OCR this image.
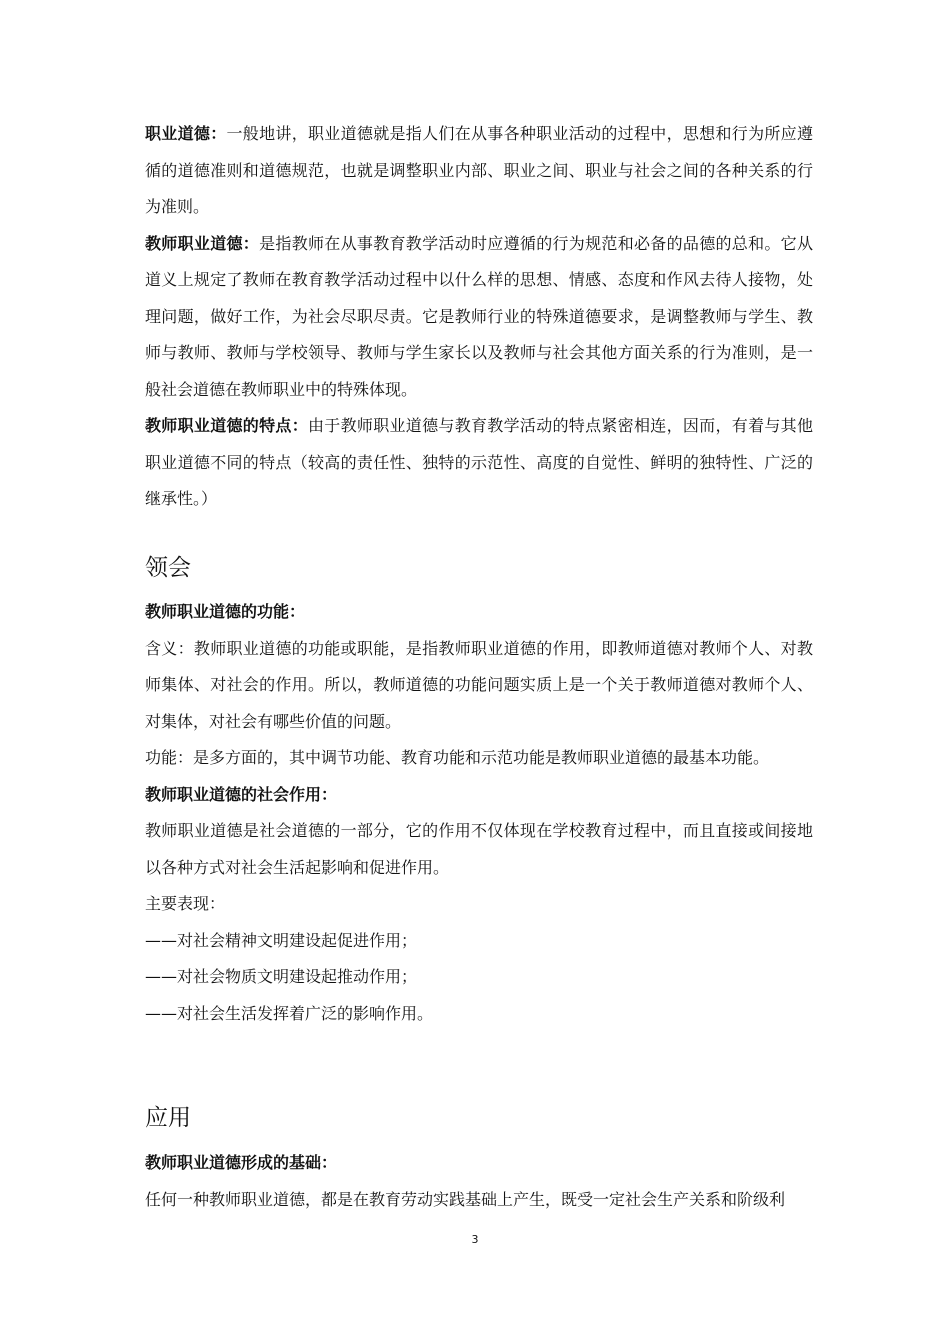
职业道德：一般地讲，职业道德就是指人们在从事各种职业活动的过程中，思想和行为所应遵循的道德准则和道德规范，也就是调整职业内部、职业之间、职业与社会之间的各种关系的行为准则。

教师职业道德：是指教师在从事教育教学活动时应遵循的行为规范和必备的品德的总和。它从道义上规定了教师在教育教学活动过程中以什么样的思想、情感、态度和作风去待人接物，处理问题，做好工作，为社会尽职尽责。它是教师行业的特殊道德要求，是调整教师与学生、教师与教师、教师与学校领导、教师与学生家长以及教师与社会其他方面关系的行为准则，是一般社会道德在教师职业中的特殊体现。

教师职业道德的特点：由于教师职业道德与教育教学活动的特点紧密相连，因而，有着与其他职业道德不同的特点（较高的责任性、独特的示范性、高度的自觉性、鲜明的独特性、广泛的继承性。）

领会

教师职业道德的功能：

含义：教师职业道德的功能或职能，是指教师职业道德的作用，即教师道德对教师个人、对教师集体、对社会的作用。所以，教师道德的功能问题实质上是一个关于教师道德对教师个人、对集体，对社会有哪些价值的问题。

功能：是多方面的，其中调节功能、教育功能和示范功能是教师职业道德的最基本功能。

教师职业道德的社会作用：

教师职业道德是社会道德的一部分，它的作用不仅体现在学校教育过程中，而且直接或间接地以各种方式对社会生活起影响和促进作用。

主要表现：

——对社会精神文明建设起促进作用；

——对社会物质文明建设起推动作用；

——对社会生活发挥着广泛的影响作用。

应用

教师职业道德形成的基础：

任何一种教师职业道德，都是在教育劳动实践基础上产生，既受一定社会生产关系和阶级利

3
